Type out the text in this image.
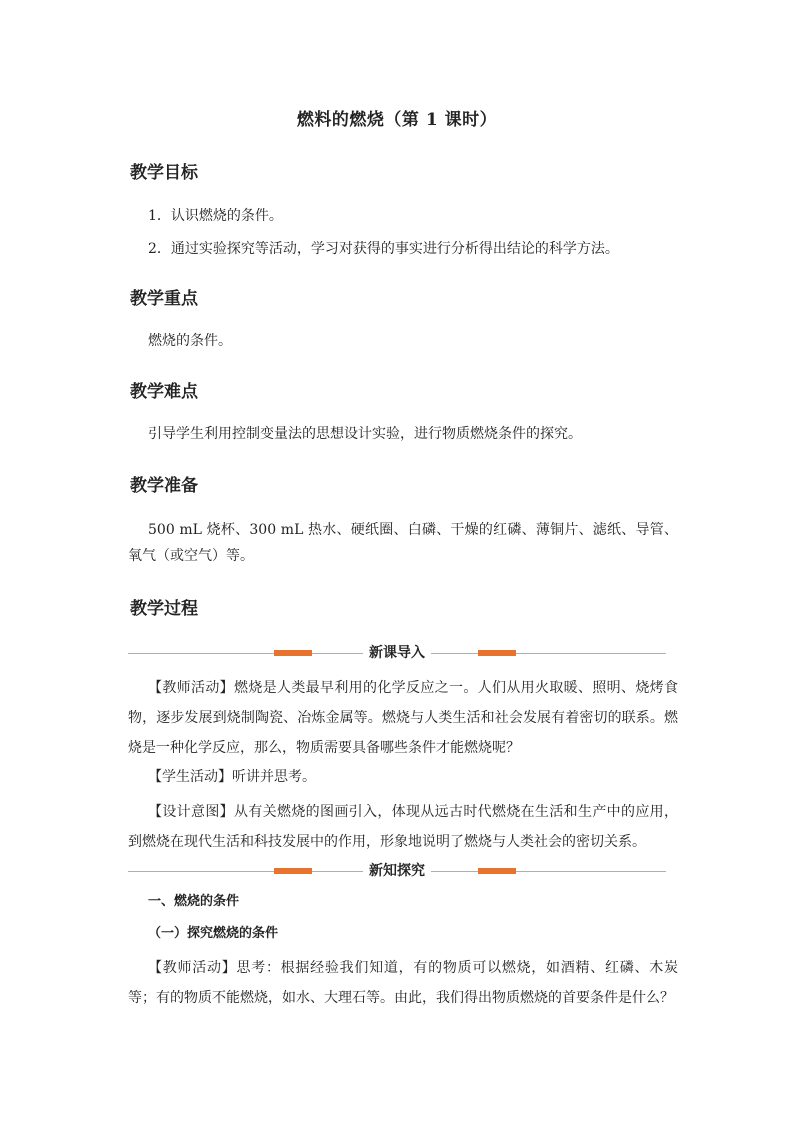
燃料的燃烧（第 1 课时）
教学目标
1．认识燃烧的条件。
2．通过实验探究等活动，学习对获得的事实进行分析得出结论的科学方法。
教学重点
燃烧的条件。
教学难点
引导学生利用控制变量法的思想设计实验，进行物质燃烧条件的探究。
教学准备
500 mL 烧杯、300 mL 热水、硬纸圈、白磷、干燥的红磷、薄铜片、滤纸、导管、氧气（或空气）等。
教学过程
新课导入
【教师活动】燃烧是人类最早利用的化学反应之一。人们从用火取暖、照明、烧烤食物，逐步发展到烧制陶瓷、冶炼金属等。燃烧与人类生活和社会发展有着密切的联系。燃烧是一种化学反应，那么，物质需要具备哪些条件才能燃烧呢？
【学生活动】听讲并思考。
【设计意图】从有关燃烧的图画引入，体现从远古时代燃烧在生活和生产中的应用，到燃烧在现代生活和科技发展中的作用，形象地说明了燃烧与人类社会的密切关系。
新知探究
一、燃烧的条件
（一）探究燃烧的条件
【教师活动】思考：根据经验我们知道，有的物质可以燃烧，如酒精、红磷、木炭等；有的物质不能燃烧，如水、大理石等。由此，我们得出物质燃烧的首要条件是什么？
